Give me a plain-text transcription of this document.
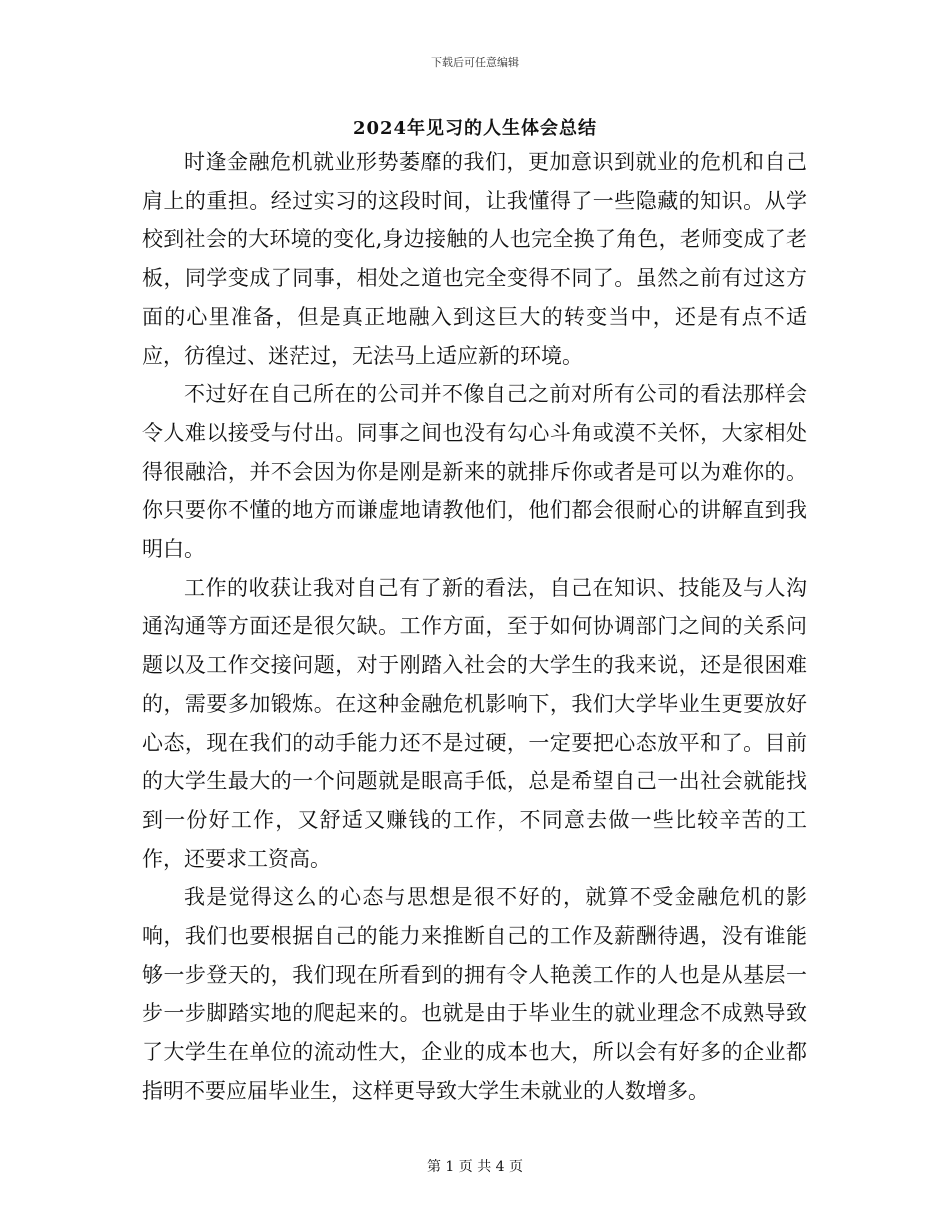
下载后可任意编辑
2024年见习的人生体会总结

时逢金融危机就业形势萎靡的我们，更加意识到就业的危机和自己肩上的重担。经过实习的这段时间，让我懂得了一些隐藏的知识。从学校到社会的大环境的变化,身边接触的人也完全换了角色，老师变成了老板，同学变成了同事，相处之道也完全变得不同了。虽然之前有过这方面的心里准备，但是真正地融入到这巨大的转变当中，还是有点不适应，彷徨过、迷茫过，无法马上适应新的环境。

不过好在自己所在的公司并不像自己之前对所有公司的看法那样会令人难以接受与付出。同事之间也没有勾心斗角或漠不关怀，大家相处得很融洽，并不会因为你是刚是新来的就排斥你或者是可以为难你的。你只要你不懂的地方而谦虚地请教他们，他们都会很耐心的讲解直到我明白。

工作的收获让我对自己有了新的看法，自己在知识、技能及与人沟通沟通等方面还是很欠缺。工作方面，至于如何协调部门之间的关系问题以及工作交接问题，对于刚踏入社会的大学生的我来说，还是很困难的，需要多加锻炼。在这种金融危机影响下，我们大学毕业生更要放好心态，现在我们的动手能力还不是过硬，一定要把心态放平和了。目前的大学生最大的一个问题就是眼高手低，总是希望自己一出社会就能找到一份好工作，又舒适又赚钱的工作，不同意去做一些比较辛苦的工作，还要求工资高。

我是觉得这么的心态与思想是很不好的，就算不受金融危机的影响，我们也要根据自己的能力来推断自己的工作及薪酬待遇，没有谁能够一步登天的，我们现在所看到的拥有令人艳羡工作的人也是从基层一步一步脚踏实地的爬起来的。也就是由于毕业生的就业理念不成熟导致了大学生在单位的流动性大，企业的成本也大，所以会有好多的企业都指明不要应届毕业生，这样更导致大学生未就业的人数增多。

第 1 页 共 4 页
